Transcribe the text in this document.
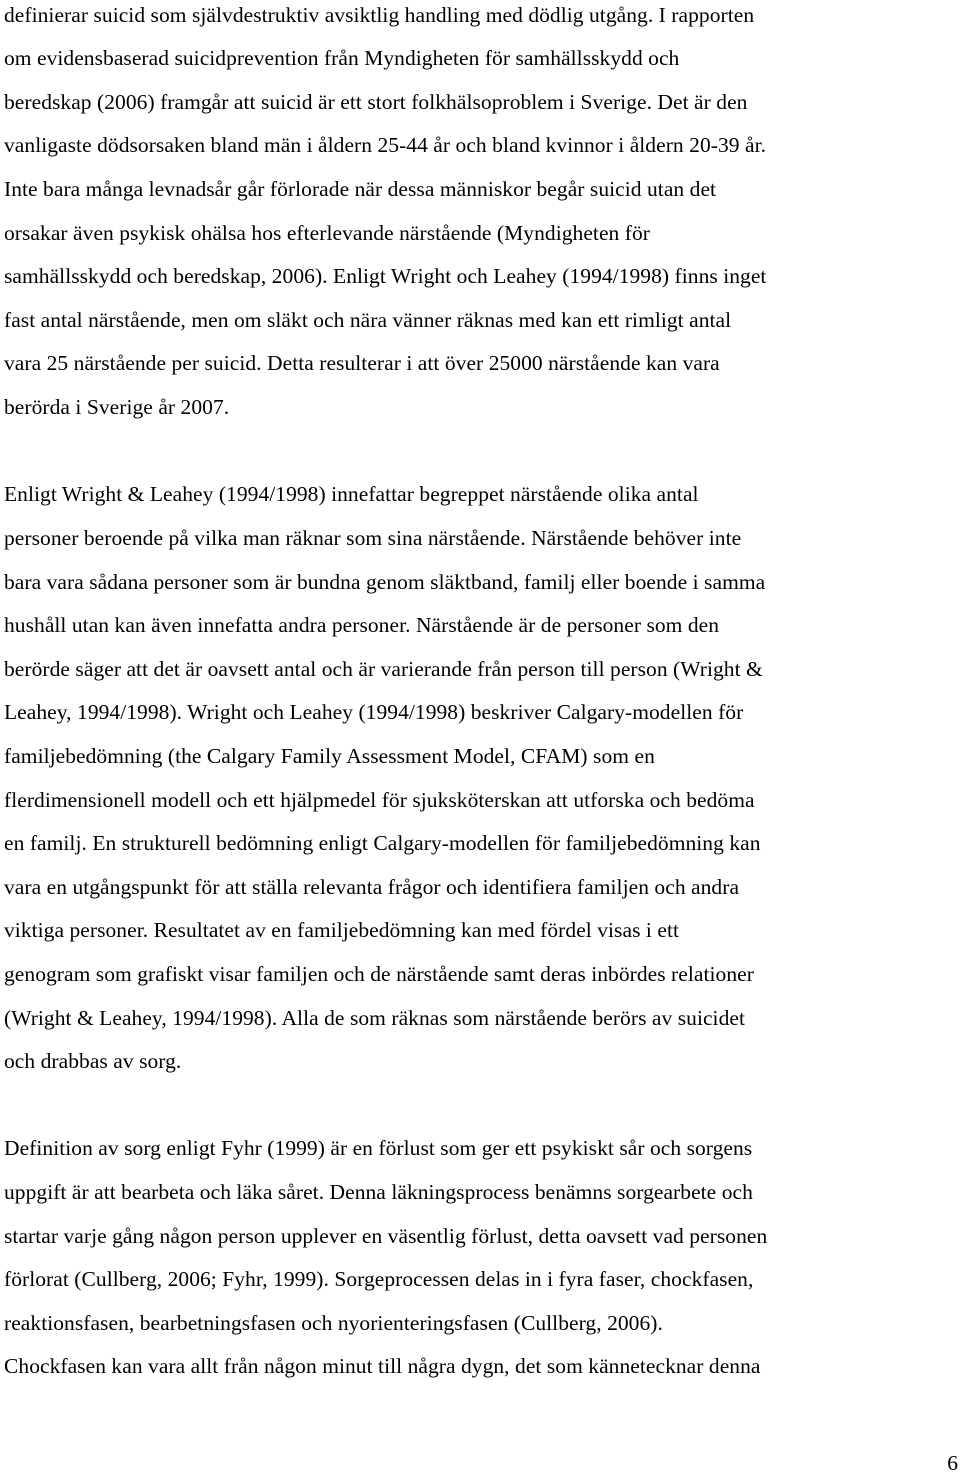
definierar suicid som självdestruktiv avsiktlig handling med dödlig utgång. I rapporten
om evidensbaserad suicidprevention från Myndigheten för samhällsskydd och
beredskap (2006) framgår att suicid är ett stort folkhälsoproblem i Sverige. Det är den
vanligaste dödsorsaken bland män i åldern 25-44 år och bland kvinnor i åldern 20-39 år.
Inte bara många levnadsår går förlorade när dessa människor begår suicid utan det
orsakar även psykisk ohälsa hos efterlevande närstående (Myndigheten för
samhällsskydd och beredskap, 2006). Enligt Wright och Leahey (1994/1998) finns inget
fast antal närstående, men om släkt och nära vänner räknas med kan ett rimligt antal
vara 25 närstående per suicid. Detta resulterar i att över 25000 närstående kan vara
berörda i Sverige år 2007.
Enligt Wright & Leahey (1994/1998) innefattar begreppet närstående olika antal
personer beroende på vilka man räknar som sina närstående. Närstående behöver inte
bara vara sådana personer som är bundna genom släktband, familj eller boende i samma
hushåll utan kan även innefatta andra personer. Närstående är de personer som den
berörde säger att det är oavsett antal och är varierande från person till person (Wright &
Leahey, 1994/1998). Wright och Leahey (1994/1998) beskriver Calgary-modellen för
familjebedömning (the Calgary Family Assessment Model, CFAM) som en
flerdimensionell modell och ett hjälpmedel för sjuksköterskan att utforska och bedöma
en familj. En strukturell bedömning enligt Calgary-modellen för familjebedömning kan
vara en utgångspunkt för att ställa relevanta frågor och identifiera familjen och andra
viktiga personer. Resultatet av en familjebedömning kan med fördel visas i ett
genogram som grafiskt visar familjen och de närstående samt deras inbördes relationer
(Wright & Leahey, 1994/1998). Alla de som räknas som närstående berörs av suicidet
och drabbas av sorg.
Definition av sorg enligt Fyhr (1999) är en förlust som ger ett psykiskt sår och sorgens
uppgift är att bearbeta och läka såret. Denna läkningsprocess benämns sorgearbete och
startar varje gång någon person upplever en väsentlig förlust, detta oavsett vad personen
förlorat (Cullberg, 2006; Fyhr, 1999). Sorgeprocessen delas in i fyra faser, chockfasen,
reaktionsfasen, bearbetningsfasen och nyorienteringsfasen (Cullberg, 2006).
Chockfasen kan vara allt från någon minut till några dygn, det som kännetecknar denna
6
